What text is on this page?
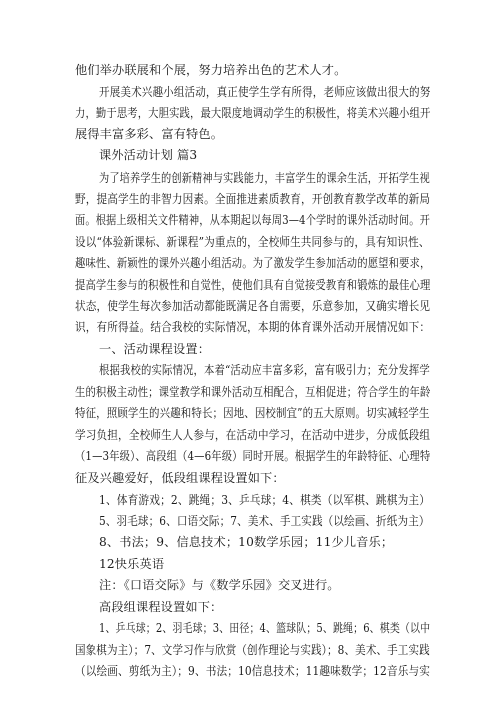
他们举办联展和个展，努力培养出色的艺术人才。
开展美术兴趣小组活动，真正使学生学有所得，老师应该做出很大的努
力，勤于思考，大胆实践，最大限度地调动学生的积极性，将美术兴趣小组开
展得丰富多彩、富有特色。
课外活动计划 篇3
为了培养学生的创新精神与实践能力，丰富学生的课余生活，开拓学生视
野，提高学生的非智力因素。全面推进素质教育，开创教育教学改革的新局
面。根据上级相关文件精神，从本期起以每周3—4个学时的课外活动时间。开
设以“体验新课标、新课程”为重点的，全校师生共同参与的，具有知识性、
趣味性、新颖性的课外兴趣小组活动。为了激发学生参加活动的愿望和要求，
提高学生参与的积极性和自觉性，使他们具有自觉接受教育和锻炼的最佳心理
状态，使学生每次参加活动都能既满足各自需要，乐意参加，又确实增长见
识，有所得益。结合我校的实际情况，本期的体育课外活动开展情况如下：
一、活动课程设置：
根据我校的实际情况，本着“活动应丰富多彩，富有吸引力；充分发挥学
生的积极主动性；课堂教学和课外活动互相配合，互相促进；符合学生的年龄
特征，照顾学生的兴趣和特长；因地、因校制宜”的五大原则。切实减轻学生
学习负担，全校师生人人参与，在活动中学习，在活动中进步，分成低段组
（1—3年级）、高段组（4—6年级）同时开展。根据学生的年龄特征、心理特
征及兴趣爱好，低段组课程设置如下：
1、体育游戏；2、跳绳；3、乒乓球；4、棋类（以军棋、跳棋为主）
5、羽毛球；6、口语交际；7、美术、手工实践（以绘画、折纸为主）
8、书法；9、信息技术；10数学乐园；11少儿音乐；
12快乐英语
注：《口语交际》与《数学乐园》交叉进行。
高段组课程设置如下：
1、乒乓球；2、羽毛球；3、田径；4、篮球队；5、跳绳；6、棋类（以中
国象棋为主）；7、文学习作与欣赏（创作理论与实践）；8、美术、手工实践
（以绘画、剪纸为主）；9、书法；10信息技术；11趣味数学；12音乐与实
